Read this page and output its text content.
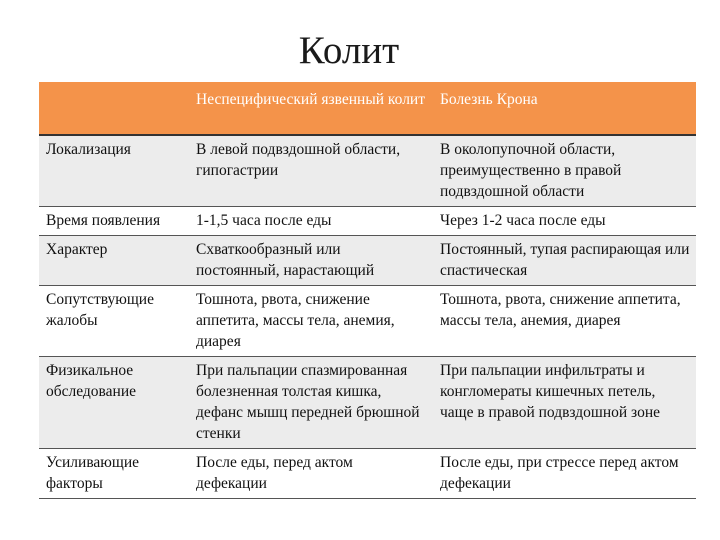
Колит
	Неспецифический язвенный колит	Болезнь Крона
Локализация	В левой подвздошной области, гипогастрии	В околопупочной области, преимущественно в правой подвздошной области
Время появления	1-1,5 часа после еды	Через 1-2 часа после еды
Характер	Схваткообразный или постоянный, нарастающий	Постоянный, тупая распирающая или спастическая
Сопутствующие жалобы	Тошнота, рвота, снижение аппетита, массы тела, анемия, диарея	Тошнота, рвота, снижение аппетита, массы тела, анемия, диарея
Физикальное обследование	При пальпации спазмированная болезненная толстая кишка, дефанс мышц передней брюшной стенки	При пальпации инфильтраты и конгломераты кишечных петель, чаще в правой подвздошной зоне
Усиливающие факторы	После еды, перед актом дефекации	После еды, при стрессе перед актом дефекации
